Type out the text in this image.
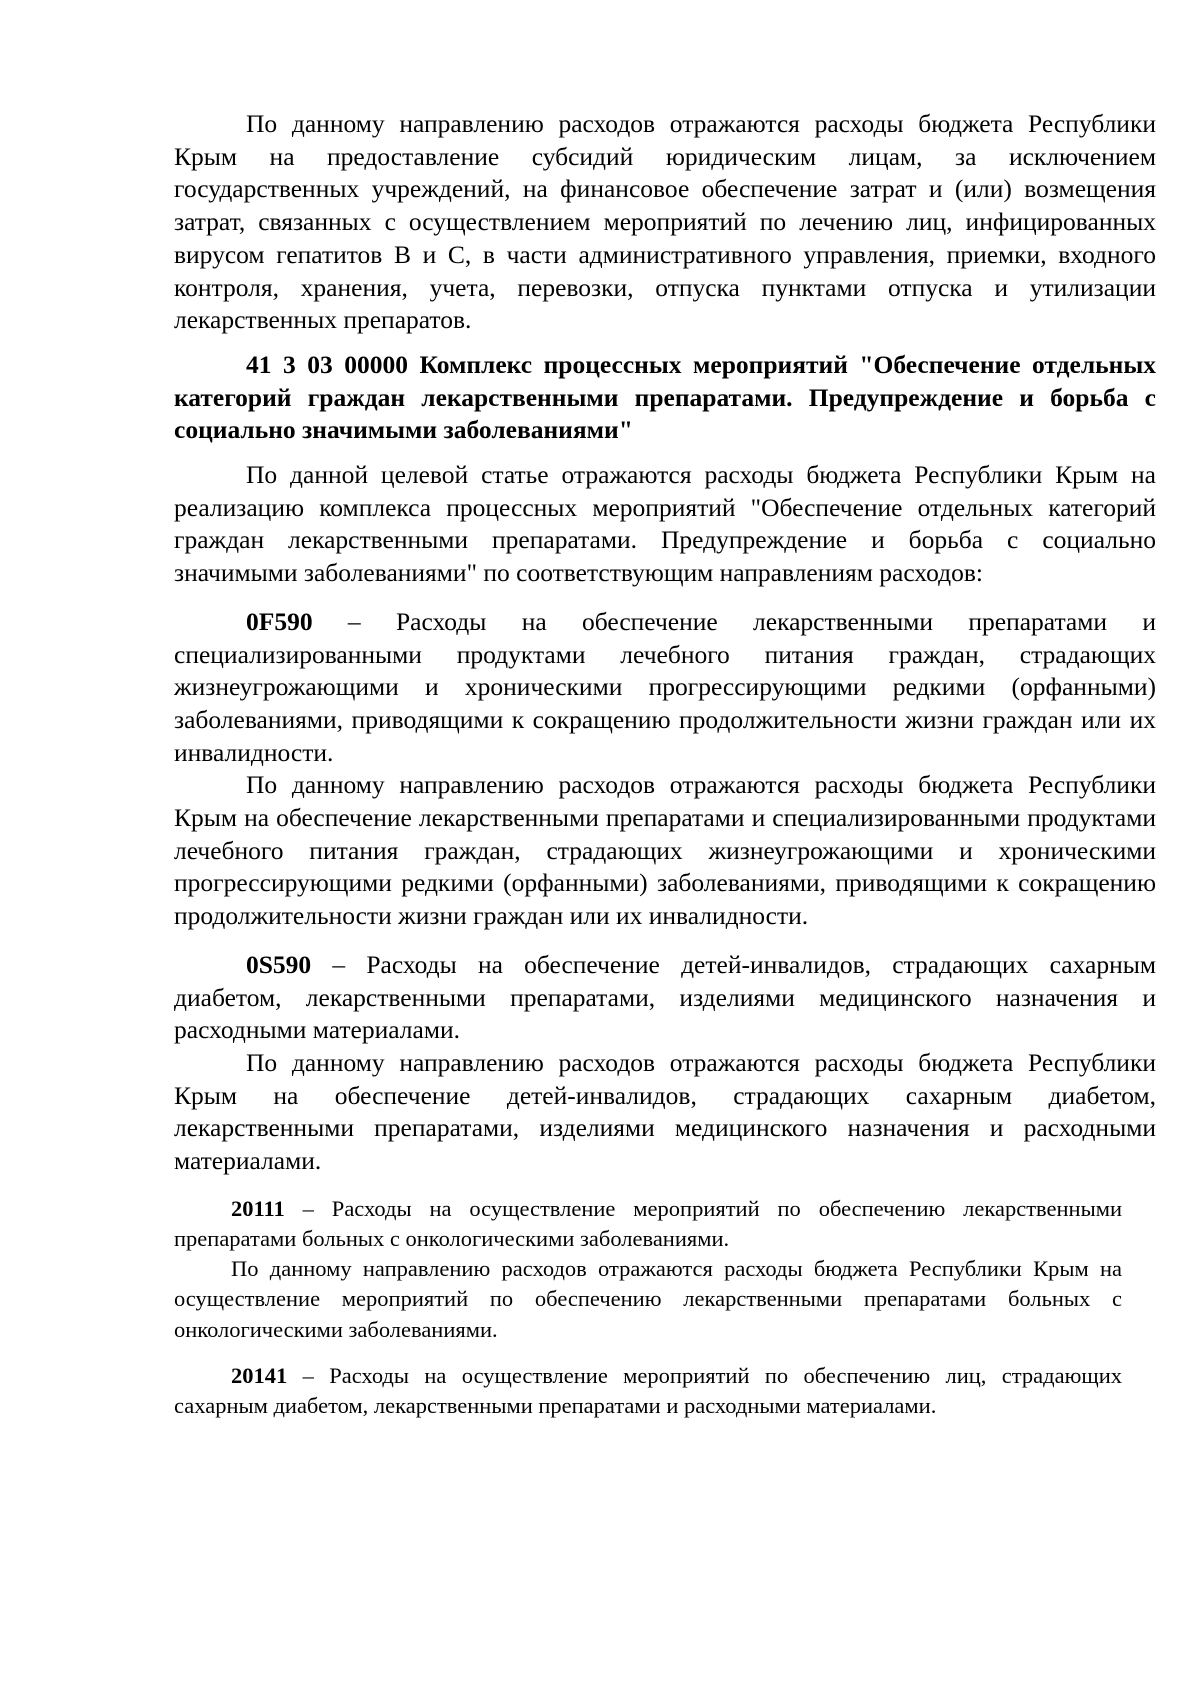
По данному направлению расходов отражаются расходы бюджета Республики Крым на предоставление субсидий юридическим лицам, за исключением государственных учреждений, на финансовое обеспечение затрат и (или) возмещения затрат, связанных с осуществлением мероприятий по лечению лиц, инфицированных вирусом гепатитов B и C, в части административного управления, приемки, входного контроля, хранения, учета, перевозки, отпуска пунктами отпуска и утилизации лекарственных препаратов.

41 3 03 00000 Комплекс процессных мероприятий "Обеспечение отдельных категорий граждан лекарственными препаратами. Предупреждение и борьба с социально значимыми заболеваниями"

По данной целевой статье отражаются расходы бюджета Республики Крым на реализацию комплекса процессных мероприятий "Обеспечение отдельных категорий граждан лекарственными препаратами. Предупреждение и борьба с социально значимыми заболеваниями" по соответствующим направлениям расходов:

0F590 – Расходы на обеспечение лекарственными препаратами и специализированными продуктами лечебного питания граждан, страдающих жизнеугрожающими и хроническими прогрессирующими редкими (орфанными) заболеваниями, приводящими к сокращению продолжительности жизни граждан или их инвалидности.

По данному направлению расходов отражаются расходы бюджета Республики Крым на обеспечение лекарственными препаратами и специализированными продуктами лечебного питания граждан, страдающих жизнеугрожающими и хроническими прогрессирующими редкими (орфанными) заболеваниями, приводящими к сокращению продолжительности жизни граждан или их инвалидности.

0S590 – Расходы на обеспечение детей-инвалидов, страдающих сахарным диабетом, лекарственными препаратами, изделиями медицинского назначения и расходными материалами.

По данному направлению расходов отражаются расходы бюджета Республики Крым на обеспечение детей-инвалидов, страдающих сахарным диабетом, лекарственными препаратами, изделиями медицинского назначения и расходными материалами.

20111 – Расходы на осуществление мероприятий по обеспечению лекарственными препаратами больных с онкологическими заболеваниями.

По данному направлению расходов отражаются расходы бюджета Республики Крым на осуществление мероприятий по обеспечению лекарственными препаратами больных с онкологическими заболеваниями.

20141 – Расходы на осуществление мероприятий по обеспечению лиц, страдающих сахарным диабетом, лекарственными препаратами и расходными материалами.
